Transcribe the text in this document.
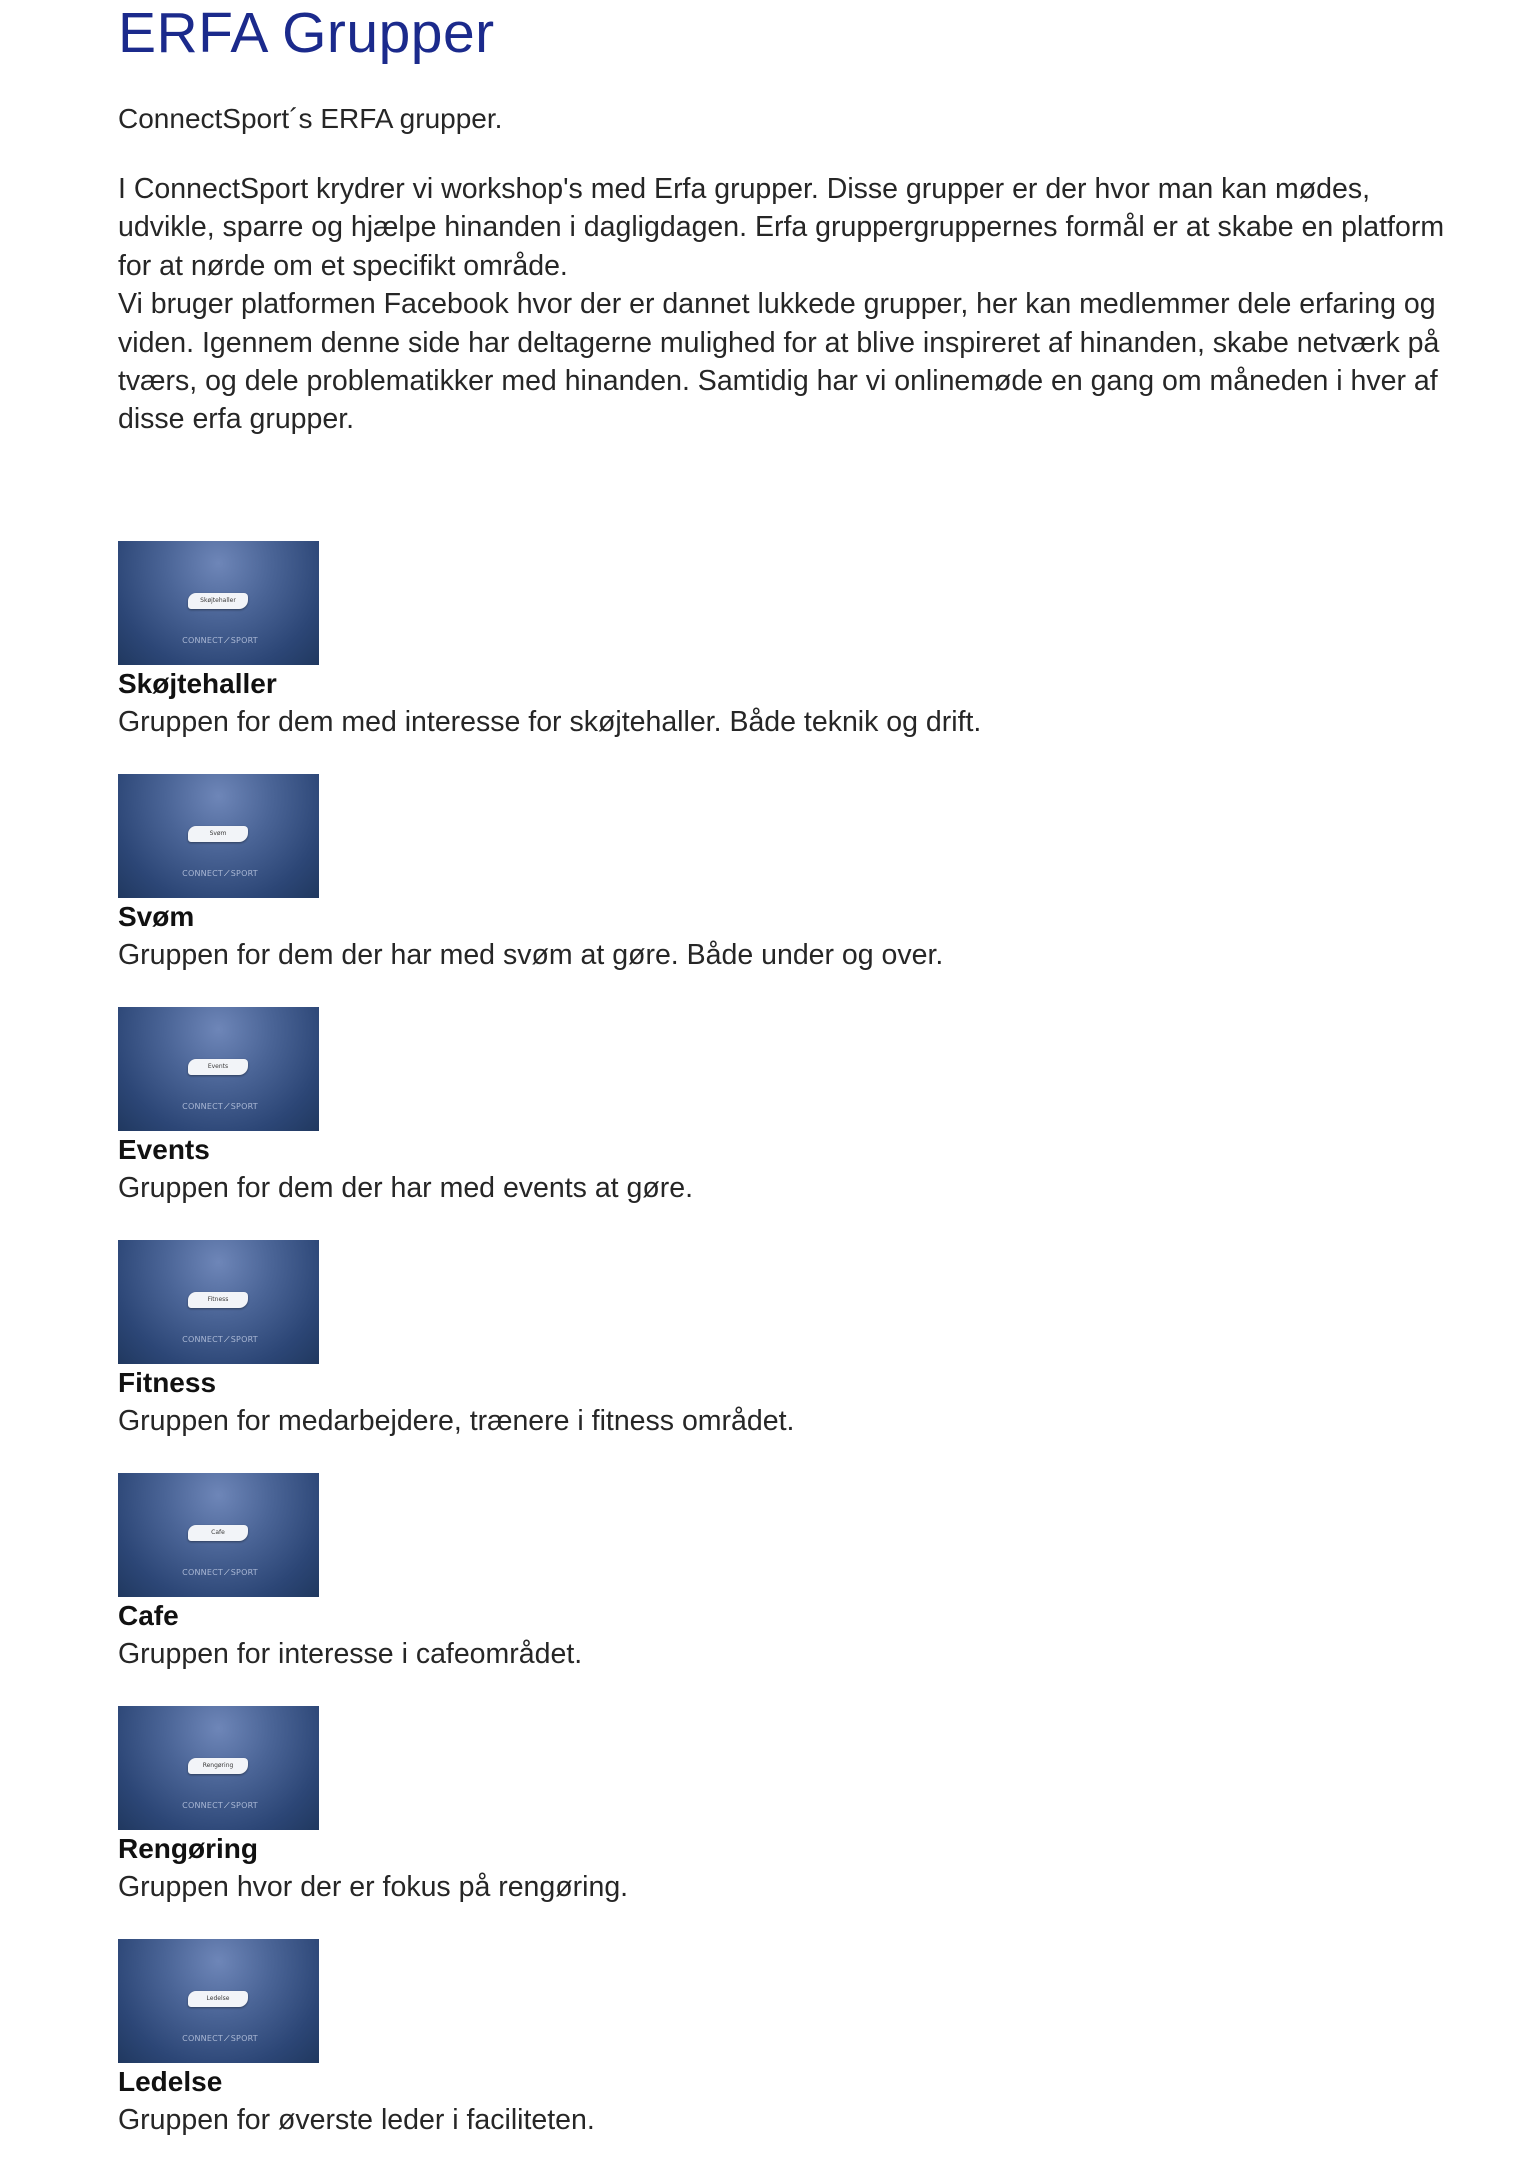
ERFA Grupper

ConnectSport´s ERFA grupper.

I ConnectSport krydrer vi workshop's med Erfa grupper. Disse grupper er der hvor man kan mødes, udvikle, sparre og hjælpe hinanden i dagligdagen. Erfa gruppergruppernes formål er at skabe en platform for at nørde om et specifikt område.

Vi bruger platformen Facebook hvor der er dannet lukkede grupper, her kan medlemmer dele erfaring og viden. Igennem denne side har deltagerne mulighed for at blive inspireret af hinanden, skabe netværk på tværs, og dele problematikker med hinanden. Samtidig har vi onlinemøde en gang om måneden i hver af disse erfa grupper.

Skøjtehaller
CONNECT⟋SPORT
Skøjtehaller
Gruppen for dem med interesse for skøjtehaller. Både teknik og drift.
Svøm
CONNECT⟋SPORT
Svøm
Gruppen for dem der har med svøm at gøre. Både under og over.
Events
CONNECT⟋SPORT
Events
Gruppen for dem der har med events at gøre.
Fitness
CONNECT⟋SPORT
Fitness
Gruppen for medarbejdere, trænere i fitness området.
Cafe
CONNECT⟋SPORT
Cafe
Gruppen for interesse i cafeområdet.
Rengøring
CONNECT⟋SPORT
Rengøring
Gruppen hvor der er fokus på rengøring.
Ledelse
CONNECT⟋SPORT
Ledelse
Gruppen for øverste leder i faciliteten.
